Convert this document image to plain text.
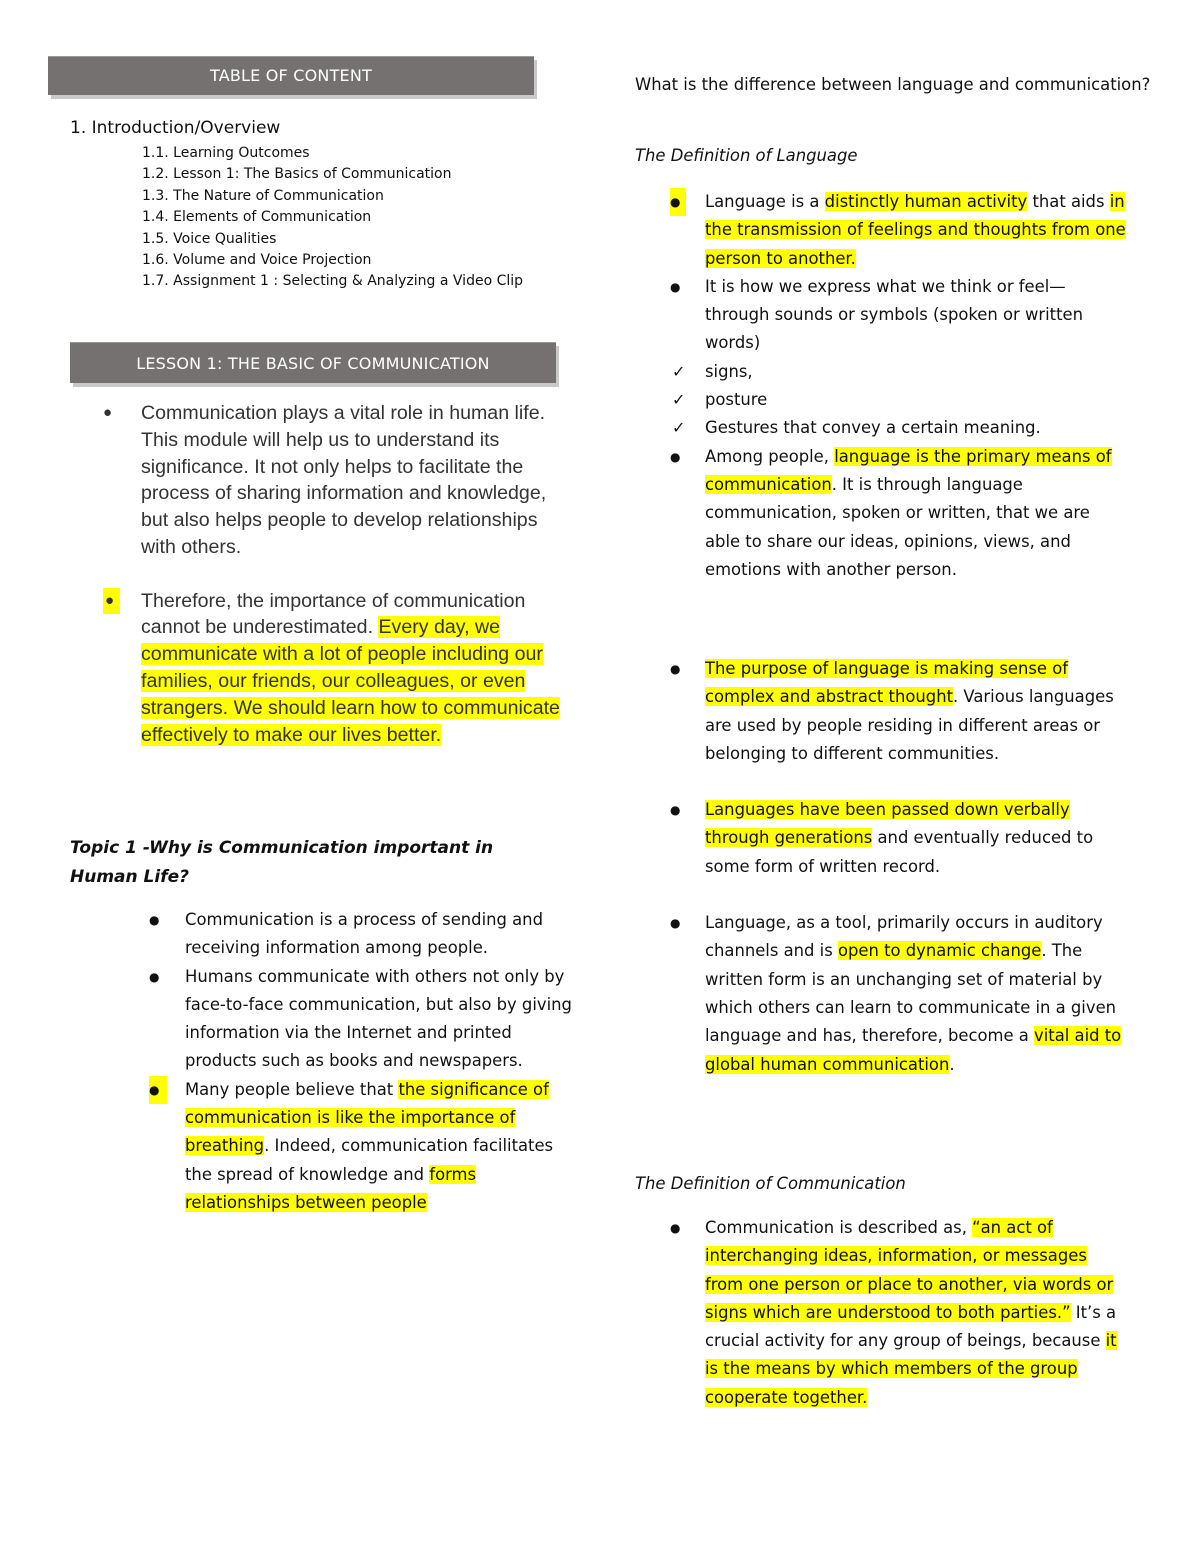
TABLE OF CONTENT
1. Introduction/Overview
1.1. Learning Outcomes
1.2. Lesson 1: The Basics of Communication
1.3. The Nature of Communication
1.4. Elements of Communication
1.5. Voice Qualities
1.6. Volume and Voice Projection
1.7. Assignment 1 : Selecting & Analyzing a Video Clip
LESSON 1: THE BASIC OF COMMUNICATION
● Communication plays a vital role in human life. This module will help us to understand its significance. It not only helps to facilitate the process of sharing information and knowledge, but also helps people to develop relationships with others.
●	Therefore, the importance of communication cannot be underestimated. Every day, we communicate with a lot of people including our families, our friends, our colleagues, or even strangers. We should learn how to communicate effectively to make our lives better.
Topic 1 -Why is Communication important in Human Life?
● Communication is a process of sending and receiving information among people.
● Humans communicate with others not only by face-to-face communication, but also by giving information via the Internet and printed products such as books and newspapers.
●	Many people believe that the significance of communication is like the importance of breathing. Indeed, communication facilitates the spread of knowledge and forms relationships between people
What is the difference between language and communication?
The Definition of Language
●	Language is a distinctly human activity that aids in the transmission of feelings and thoughts from one person to another.
● It is how we express what we think or feel—through sounds or symbols (spoken or written words)
✓ signs,
✓ posture
✓ Gestures that convey a certain meaning.
● Among people, language is the primary means of communication. It is through language communication, spoken or written, that we are able to share our ideas, opinions, views, and emotions with another person.
● The purpose of language is making sense of complex and abstract thought. Various languages are used by people residing in different areas or belonging to different communities.
● Languages have been passed down verbally through generations and eventually reduced to some form of written record.
● Language, as a tool, primarily occurs in auditory channels and is open to dynamic change. The written form is an unchanging set of material by which others can learn to communicate in a given language and has, therefore, become a vital aid to global human communication.
The Definition of Communication
● Communication is described as, “an act of interchanging ideas, information, or messages from one person or place to another, via words or signs which are understood to both parties.” It’s a crucial activity for any group of beings, because it is the means by which members of the group cooperate together.
